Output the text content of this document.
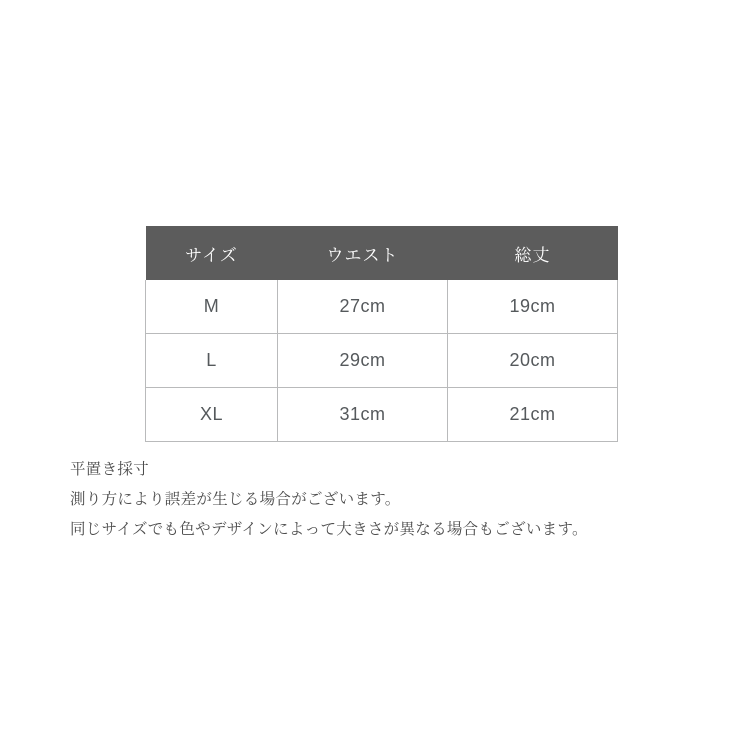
サイズ	ウエスト	総丈
M	27cm	19cm
L	29cm	20cm
XL	31cm	21cm

平置き採寸

測り方により誤差が生じる場合がございます。

同じサイズでも色やデザインによって大きさが異なる場合もございます。
